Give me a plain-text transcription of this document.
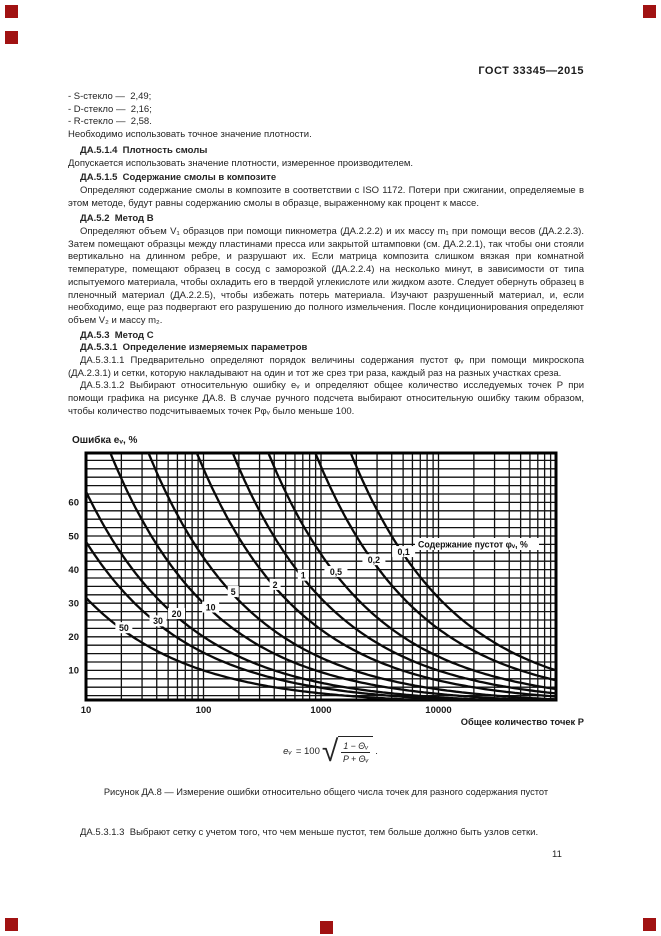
ГОСТ 33345—2015
- S-стекло —  2,49;
- D-стекло —  2,16;
- R-стекло —  2,58.
Необходимо использовать точное значение плотности.
ДА.5.1.4  Плотность смолы
Допускается использовать значение плотности, измеренное производителем.
ДА.5.1.5  Содержание смолы в композите
Определяют содержание смолы в композите в соответствии с ISO 1172. Потери при сжигании, определяемые в этом методе, будут равны содержанию смолы в образце, выраженному как процент к массе.
ДА.5.2  Метод В
Определяют объем V₁ образцов при помощи пикнометра (ДА.2.2.2) и их массу m₁ при помощи весов (ДА.2.2.3). Затем помещают образцы между пластинами пресса или закрытой штамповки (см. ДА.2.2.1), так чтобы они стояли вертикально на длинном ребре, и разрушают их. Если матрица композита слишком вязкая при комнатной температуре, помещают образец в сосуд с заморозкой (ДА.2.2.4) на несколько минут, в зависимости от типа испытуемого материала, чтобы охладить его в твердой углекислоте или жидком азоте. Следует обернуть образец в пленочный материал (ДА.2.2.5), чтобы избежать потерь материала. Изучают разрушенный материал, и, если необходимо, еще раз подвергают его разрушению до полного измельчения. После кондиционирования определяют объем V₂ и массу m₂.
ДА.5.3  Метод С
ДА.5.3.1  Определение измеряемых параметров
ДА.5.3.1.1 Предварительно определяют порядок величины содержания пустот φᵥ при помощи микроскопа (ДА.2.3.1) и сетки, которую накладывают на один и тот же срез три раза, каждый раз на разных участках среза.
ДА.5.3.1.2 Выбирают относительную ошибку eᵥ и определяют общее количество исследуемых точек P при помощи графика на рисунке ДА.8. В случае ручного подсчета выбирают относительную ошибку таким образом, чтобы количество подсчитываемых точек Pφᵥ было меньше 100.
50
30
20
10
5
2
1	0,5
0,2
0,1
Содержание пустот φᵥ, %
10
20
30
40
50
60
10	100	1000	10000
Ошибка eᵥ, %
Общее количество точек P
eᵥ = 100 √ $\frac{\text{1 − Θᵥ}}{\text{P + Θᵥ}}$ .
Рисунок ДА.8 — Измерение ошибки относительно общего числа точек для разного содержания пустот
ДА.5.3.1.3  Выбрают сетку с учетом того, что чем меньше пустот, тем больше должно быть узлов сетки.
11
